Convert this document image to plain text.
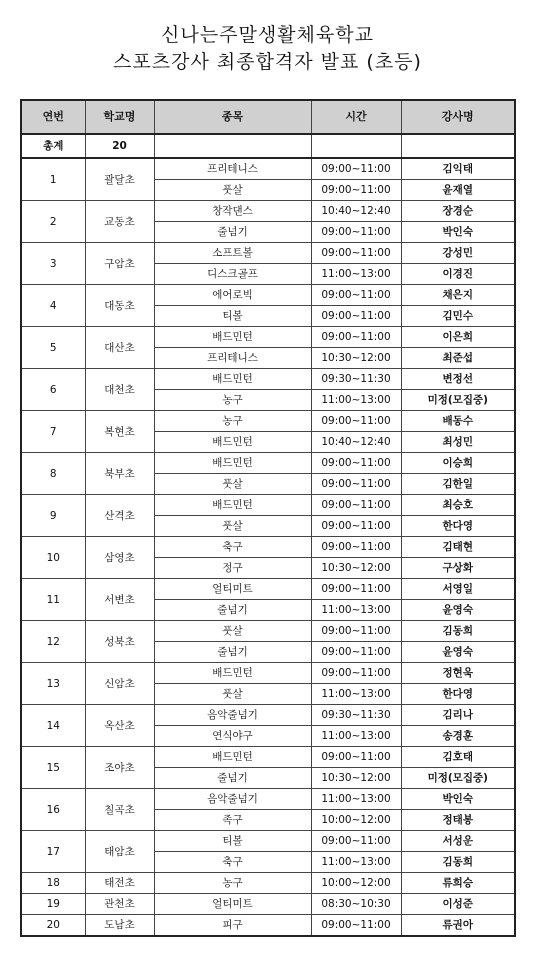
신나는주말생활체육학교
스포츠강사 최종합격자 발표 (초등)
연번	학교명	종목	시간	강사명
총계	20			
1	괄달초	프리테니스	09:00~11:00	김익태
		풋살	09:00~11:00	윤재열
2	교동초	창작댄스	10:40~12:40	장경순
		줄넘기	09:00~11:00	박인숙
3	구암초	소프트볼	09:00~11:00	강성민
		디스크골프	11:00~13:00	이경진
4	대동초	에어로빅	09:00~11:00	채은지
		티볼	09:00~11:00	김민수
5	대산초	배드민턴	09:00~11:00	이은희
		프리테니스	10:30~12:00	최준섭
6	대천초	배드민턴	09:30~11:30	변정선
		농구	11:00~13:00	미정(모집중)
7	복현초	농구	09:00~11:00	배동수
		배드민턴	10:40~12:40	최성민
8	북부초	배드민턴	09:00~11:00	이승희
		풋살	09:00~11:00	김한일
9	산격초	배드민턴	09:00~11:00	최승호
		풋살	09:00~11:00	한다영
10	삼영초	축구	09:00~11:00	김태현
		정구	10:30~12:00	구상화
11	서변초	얼티미트	09:00~11:00	서영일
		줄넘기	11:00~13:00	윤영숙
12	성북초	풋살	09:00~11:00	김동희
		줄넘기	09:00~11:00	윤영숙
13	신암초	배드민턴	09:00~11:00	정현욱
		풋살	11:00~13:00	한다영
14	옥산초	음악줄넘기	09:30~11:30	김리나
		연식야구	11:00~13:00	송경훈
15	조야초	배드민턴	09:00~11:00	김호태
		줄넘기	10:30~12:00	미정(모집중)
16	칠곡초	음악줄넘기	11:00~13:00	박인숙
		족구	10:00~12:00	정태봉
17	태암초	티볼	09:00~11:00	서성운
		축구	11:00~13:00	김동희
18	태전초	농구	10:00~12:00	류희승
19	관천초	얼티미트	08:30~10:30	이성준
20	도남초	피구	09:00~11:00	류권아
